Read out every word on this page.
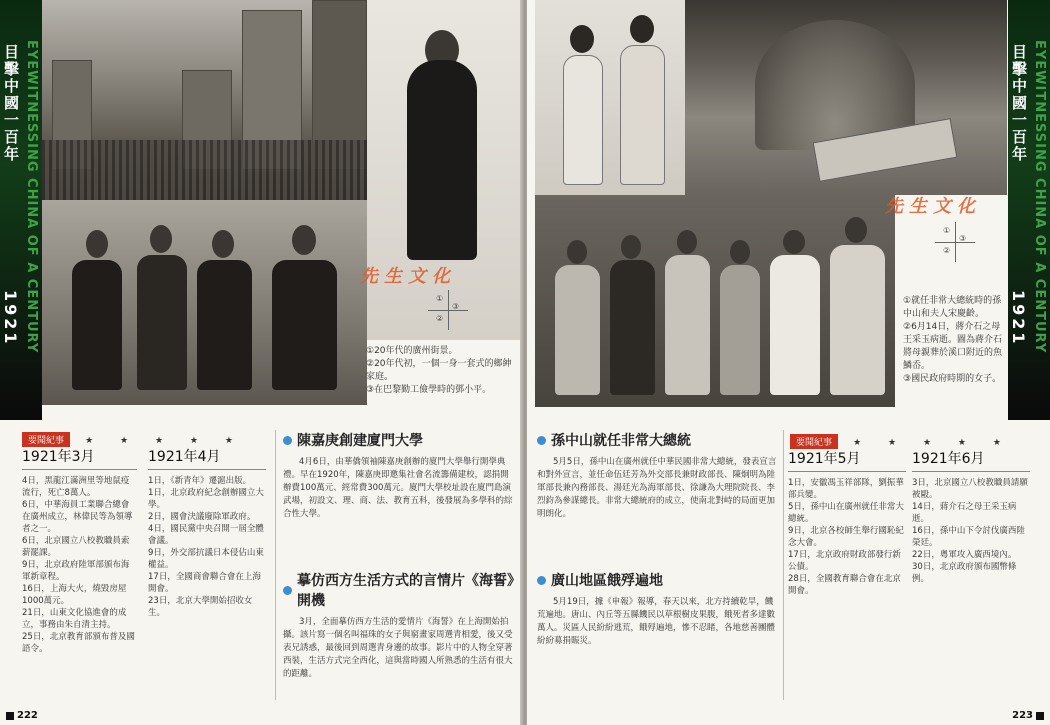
目擊中國一百年 EYEWITNESSING CHINA OF A CENTURY
1921
先生文化
①
②
③
①20年代的廣州街景。
②20年代初，一個一身一套式的鄉紳家庭。
③在巴黎勤工儉學時的鄧小平。
要聞紀事 ★ ★ ★ ★ ★
1921年3月

4日，黑龍江滿洲里等地鼠疫流行，死亡8萬人。

6日，中華海員工業聯合總會在廣州成立，林偉民等為領導者之一。

6日，北京國立八校教職員索薪罷課。

9日，北京政府陸軍部頒布海軍新章程。

16日，上海大火，燒毀房屋1000萬元。

21日，山東文化協進會的成立，事務由朱自清主持。

25日，北京教育部頒布普及國語令。

1921年4月

1日，《新青年》遷滬出版。

1日，北京政府紀念創辦國立大學。

2日，國會決議廢除軍政府。

4日，國民黨中央召開一屆全體會議。

9日，外交部抗議日本侵佔山東權益。

17日，全國商會聯合會在上海開會。

23日，北京大學開始招收女生。

陳嘉庚創建廈門大學

4月6日，由華僑領袖陳嘉庚創辦的廈門大學舉行開學典禮。早在1920年，陳嘉庚即邀集社會名流籌備建校，認捐開辦費100萬元、經常費300萬元。廈門大學校址設在廈門島演武場，初設文、理、商、法、教育五科，後發展為多學科的綜合性大學。

摹仿西方生活方式的言情片《海誓》開機

3月，全面摹仿西方生活的愛情片《海誓》在上海開始拍攝。該片寫一個名叫福珠的女子與窮畫家周選青相愛，後又受表兄誘惑，最後回到周選青身邊的故事。影片中的人物全穿著西裝，生活方式完全西化，這與當時國人所熟悉的生活有很大的距離。

222
目擊中國一百年 EYEWITNESSING CHINA OF A CENTURY
1921
223
先生文化
①
②
③
①就任非常大總統時的孫中山和夫人宋慶齡。
②6月14日，蔣介石之母王采玉病逝。圖為蔣介石將母親葬於溪口附近的魚鱗岙。
③國民政府時期的女子。
孫中山就任非常大總統

5月5日，孫中山在廣州就任中華民國非常大總統，發表宣言和對外宣言，並任命伍廷芳為外交部長兼財政部長、陳炯明為陸軍部長兼內務部長、湯廷光為海軍部長、徐謙為大理院院長、李烈鈞為參謀總長。非常大總統府的成立，使南北對峙的局面更加明朗化。

廣山地區餓殍遍地

5月19日，據《申報》報導，春天以來，北方持續乾旱，饑荒遍地。唐山、內丘等五縣饑民以草根樹皮果腹，餓死者多達數萬人。災區人民紛紛逃荒，餓殍遍地，慘不忍睹，各地慈善團體紛紛募捐賑災。

要聞紀事 ★ ★ ★ ★ ★
1921年5月

1日，安徽馮玉祥部隊，劉振華部兵變。

5日，孫中山在廣州就任非常大總統。

9日，北京各校師生舉行國恥紀念大會。

17日，北京政府財政部發行新公債。

28日，全國教育聯合會在北京開會。

1921年6月

3日，北京國立八校教職員請願被毆。

14日，蔣介石之母王采玉病逝。

16日，孫中山下令討伐廣西陸榮廷。

22日，粵軍攻入廣西境內。

30日，北京政府頒布國幣條例。
